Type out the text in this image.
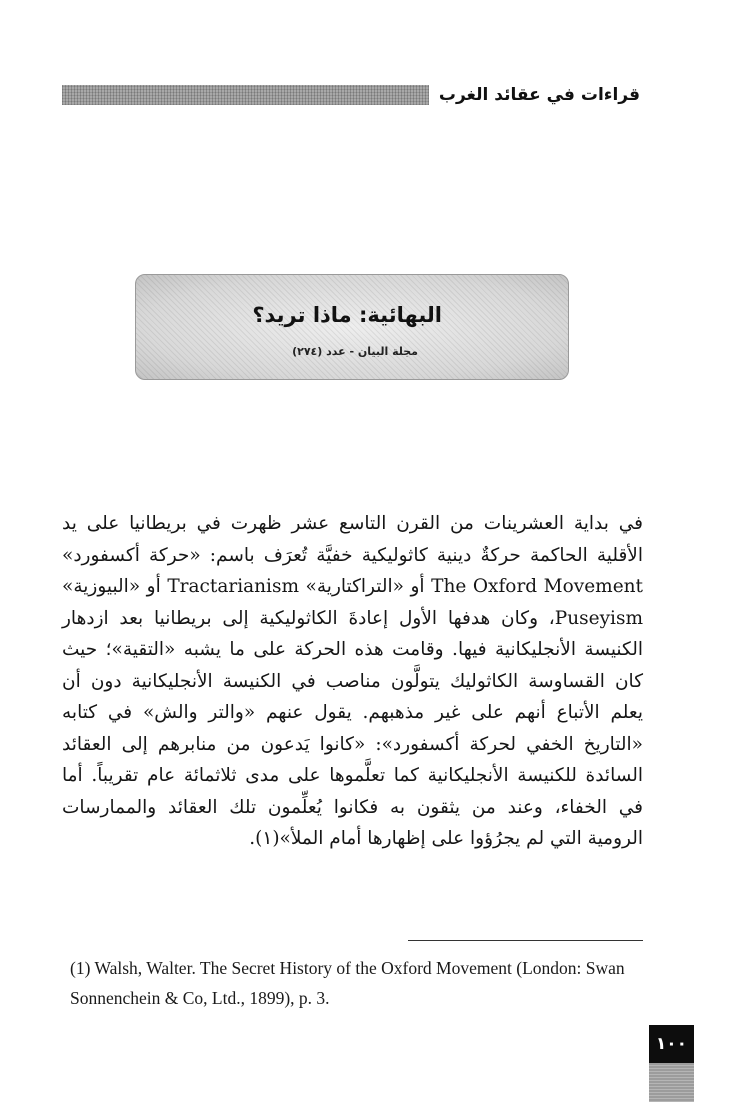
قراءات في عقائد الغرب
البهائية: ماذا تريد؟
مجلة البيان - عدد (٢٧٤)

في بداية العشرينات من القرن التاسع عشر ظهرت في بريطانيا على يد الأقلية الحاكمة حركةٌ دينية كاثوليكية خفيَّة تُعرَف باسم: «حركة أكسفورد» The Oxford Movement أو «التراكتارية» Tractarianism أو «البيوزية» Puseyism، وكان هدفها الأول إعادةَ الكاثوليكية إلى بريطانيا بعد ازدهار الكنيسة الأنجليكانية فيها. وقامت هذه الحركة على ما يشبه «التقية»؛ حيث كان القساوسة الكاثوليك يتولَّون مناصب في الكنيسة الأنجليكانية دون أن يعلم الأتباع أنهم على غير مذهبهم. يقول عنهم «والتر والش» في كتابه «التاريخ الخفي لحركة أكسفورد»: «كانوا يَدعون من منابرهم إلى العقائد السائدة للكنيسة الأنجليكانية كما تعلَّموها على مدى ثلاثمائة عام تقريباً. أما في الخفاء، وعند من يثقون به فكانوا يُعلِّمون تلك العقائد والممارسات الرومية التي لم يجرُؤوا على إظهارها أمام الملأ»(١).

(1) Walsh, Walter. The Secret History of the Oxford Movement (London: Swan Sonnenchein & Co, Ltd., 1899), p. 3.

١٠٠
